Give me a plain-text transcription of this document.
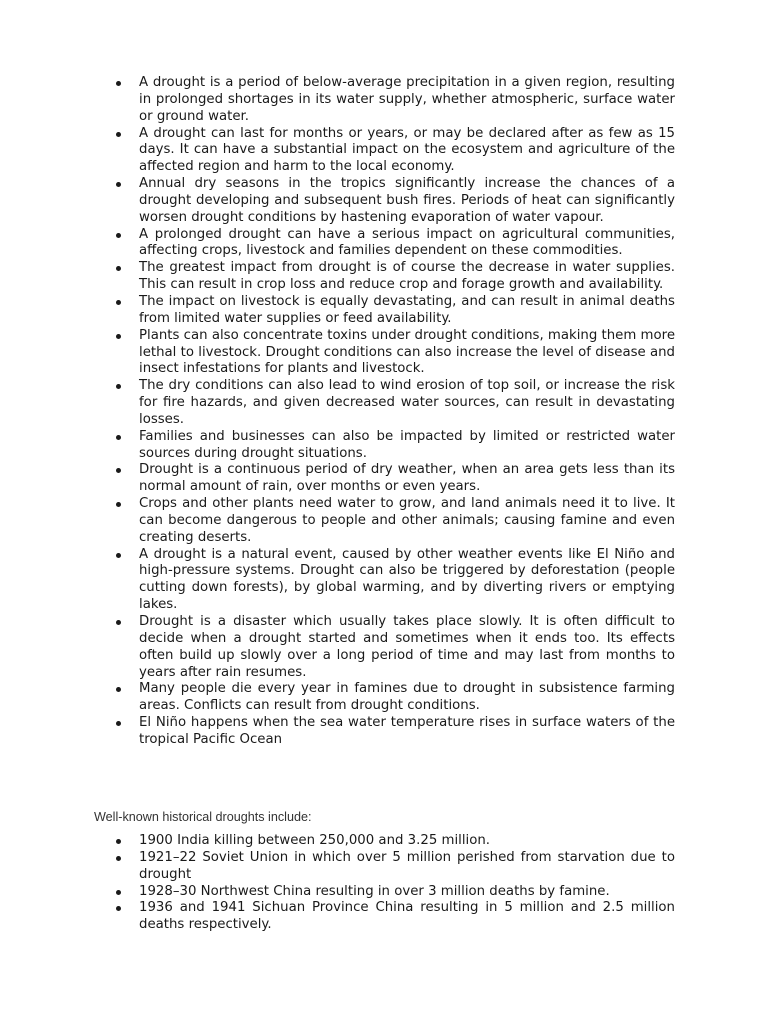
A drought is a period of below-average precipitation in a given region, resulting in prolonged shortages in its water supply, whether atmospheric, surface water or ground water.
A drought can last for months or years, or may be declared after as few as 15 days. It can have a substantial impact on the ecosystem and agriculture of the affected region and harm to the local economy.
Annual dry seasons in the tropics significantly increase the chances of a drought developing and subsequent bush fires. Periods of heat can significantly worsen drought conditions by hastening evaporation of water vapour.
A prolonged drought can have a serious impact on agricultural communities, affecting crops, livestock and families dependent on these commodities.
The greatest impact from drought is of course the decrease in water supplies. This can result in crop loss and reduce crop and forage growth and availability.
The impact on livestock is equally devastating, and can result in animal deaths from limited water supplies or feed availability.
Plants can also concentrate toxins under drought conditions, making them more lethal to livestock. Drought conditions can also increase the level of disease and insect infestations for plants and livestock.
The dry conditions can also lead to wind erosion of top soil, or increase the risk for fire hazards, and given decreased water sources, can result in devastating losses.
Families and businesses can also be impacted by limited or restricted water sources during drought situations.
Drought is a continuous period of dry weather, when an area gets less than its normal amount of rain, over months or even years.
Crops and other plants need water to grow, and land animals need it to live. It can become dangerous to people and other animals; causing famine and even creating deserts.
A drought is a natural event, caused by other weather events like El Niño and high-pressure systems. Drought can also be triggered by deforestation (people cutting down forests), by global warming, and by diverting rivers or emptying lakes.
Drought is a disaster which usually takes place slowly. It is often difficult to decide when a drought started and sometimes when it ends too. Its effects often build up slowly over a long period of time and may last from months to years after rain resumes.
Many people die every year in famines due to drought in subsistence farming areas. Conflicts can result from drought conditions.
El Niño happens when the sea water temperature rises in surface waters of the tropical Pacific Ocean
Well-known historical droughts include:
1900 India killing between 250,000 and 3.25 million.
1921–22 Soviet Union in which over 5 million perished from starvation due to drought
1928–30 Northwest China resulting in over 3 million deaths by famine.
1936 and 1941 Sichuan Province China resulting in 5 million and 2.5 million deaths respectively.
